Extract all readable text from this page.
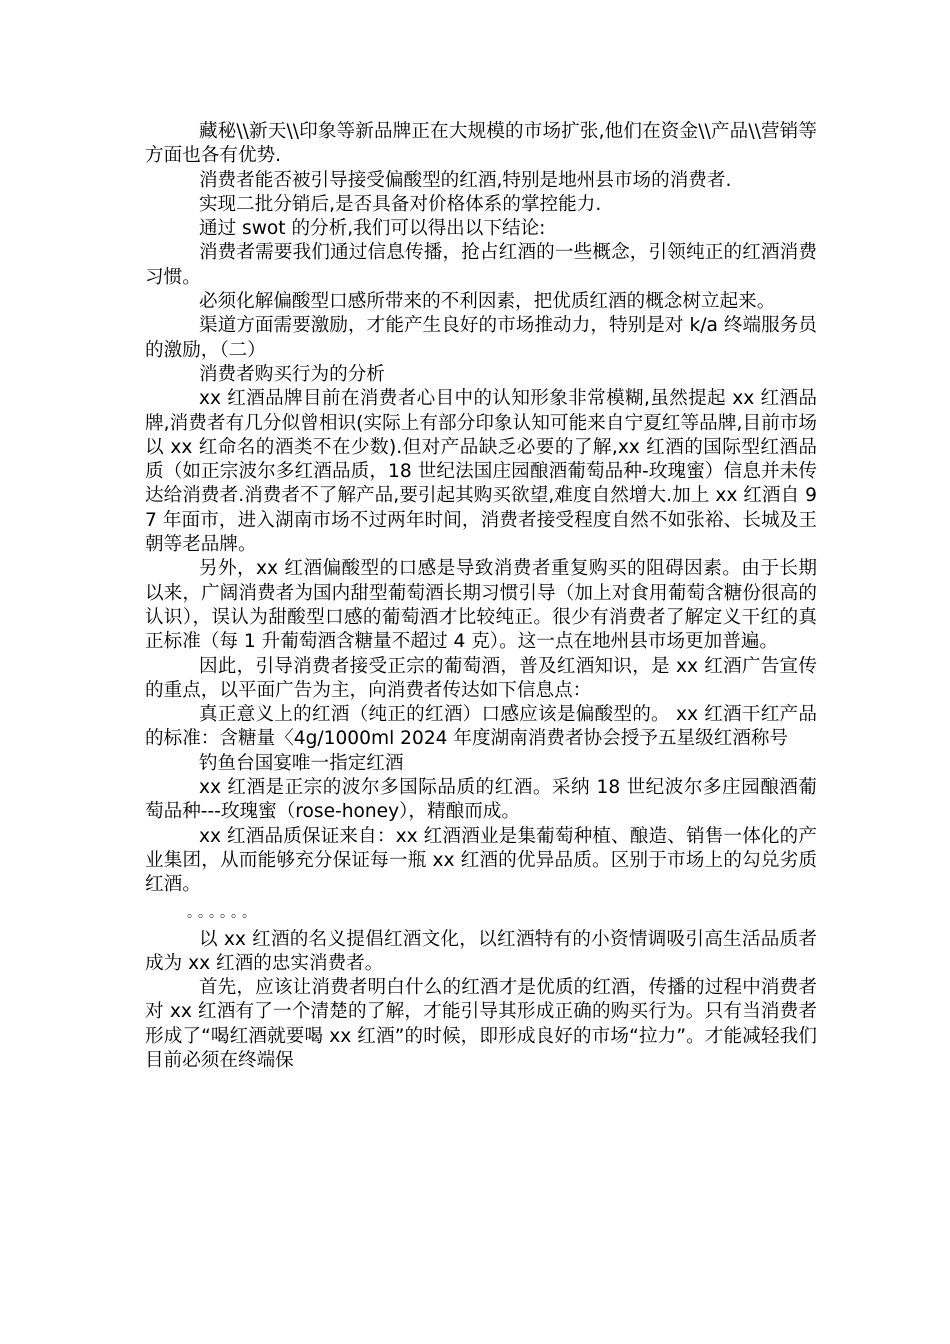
藏秘\\新天\\印象等新品牌正在大规模的市场扩张,他们在资金\\产品\\营销等方面也各有优势.

消费者能否被引导接受偏酸型的红酒,特别是地州县市场的消费者.

实现二批分销后,是否具备对价格体系的掌控能力.

通过 swot 的分析,我们可以得出以下结论:

消费者需要我们通过信息传播，抢占红酒的一些概念，引领纯正的红酒消费习惯。

必须化解偏酸型口感所带来的不利因素，把优质红酒的概念树立起来。

渠道方面需要激励，才能产生良好的市场推动力，特别是对 k/a 终端服务员的激励，（二）

消费者购买行为的分析

xx 红酒品牌目前在消费者心目中的认知形象非常模糊,虽然提起 xx 红酒品牌,消费者有几分似曾相识(实际上有部分印象认知可能来自宁夏红等品牌,目前市场以 xx 红命名的酒类不在少数).但对产品缺乏必要的了解,xx 红酒的国际型红酒品质（如正宗波尔多红酒品质，18 世纪法国庄园酿酒葡萄品种-玫瑰蜜）信息并未传达给消费者.消费者不了解产品,要引起其购买欲望,难度自然增大.加上 xx 红酒自 97 年面市，进入湖南市场不过两年时间，消费者接受程度自然不如张裕、长城及王朝等老品牌。

另外，xx 红酒偏酸型的口感是导致消费者重复购买的阻碍因素。由于长期以来，广阔消费者为国内甜型葡萄酒长期习惯引导（加上对食用葡萄含糖份很高的认识），误认为甜酸型口感的葡萄酒才比较纯正。很少有消费者了解定义干红的真正标准（每 1 升葡萄酒含糖量不超过 4 克）。这一点在地州县市场更加普遍。

因此，引导消费者接受正宗的葡萄酒，普及红酒知识，是 xx 红酒广告宣传的重点，以平面广告为主，向消费者传达如下信息点：

真正意义上的红酒（纯正的红酒）口感应该是偏酸型的。 xx 红酒干红产品的标准：含糖量〈4g/1000ml 2024 年度湖南消费者协会授予五星级红酒称号

钓鱼台国宴唯一指定红酒

xx 红酒是正宗的波尔多国际品质的红酒。采纳 18 世纪波尔多庄园酿酒葡萄品种---玫瑰蜜（rose-honey），精酿而成。

xx 红酒品质保证来自：xx 红酒酒业是集葡萄种植、酿造、销售一体化的产业集团，从而能够充分保证每一瓶 xx 红酒的优异品质。区别于市场上的勾兑劣质红酒。

。。。。。。

以 xx 红酒的名义提倡红酒文化，以红酒特有的小资情调吸引高生活品质者成为 xx 红酒的忠实消费者。

首先，应该让消费者明白什么的红酒才是优质的红酒，传播的过程中消费者对 xx 红酒有了一个清楚的了解，才能引导其形成正确的购买行为。只有当消费者形成了“喝红酒就要喝 xx 红酒”的时候，即形成良好的市场“拉力”。才能减轻我们目前必须在终端保
